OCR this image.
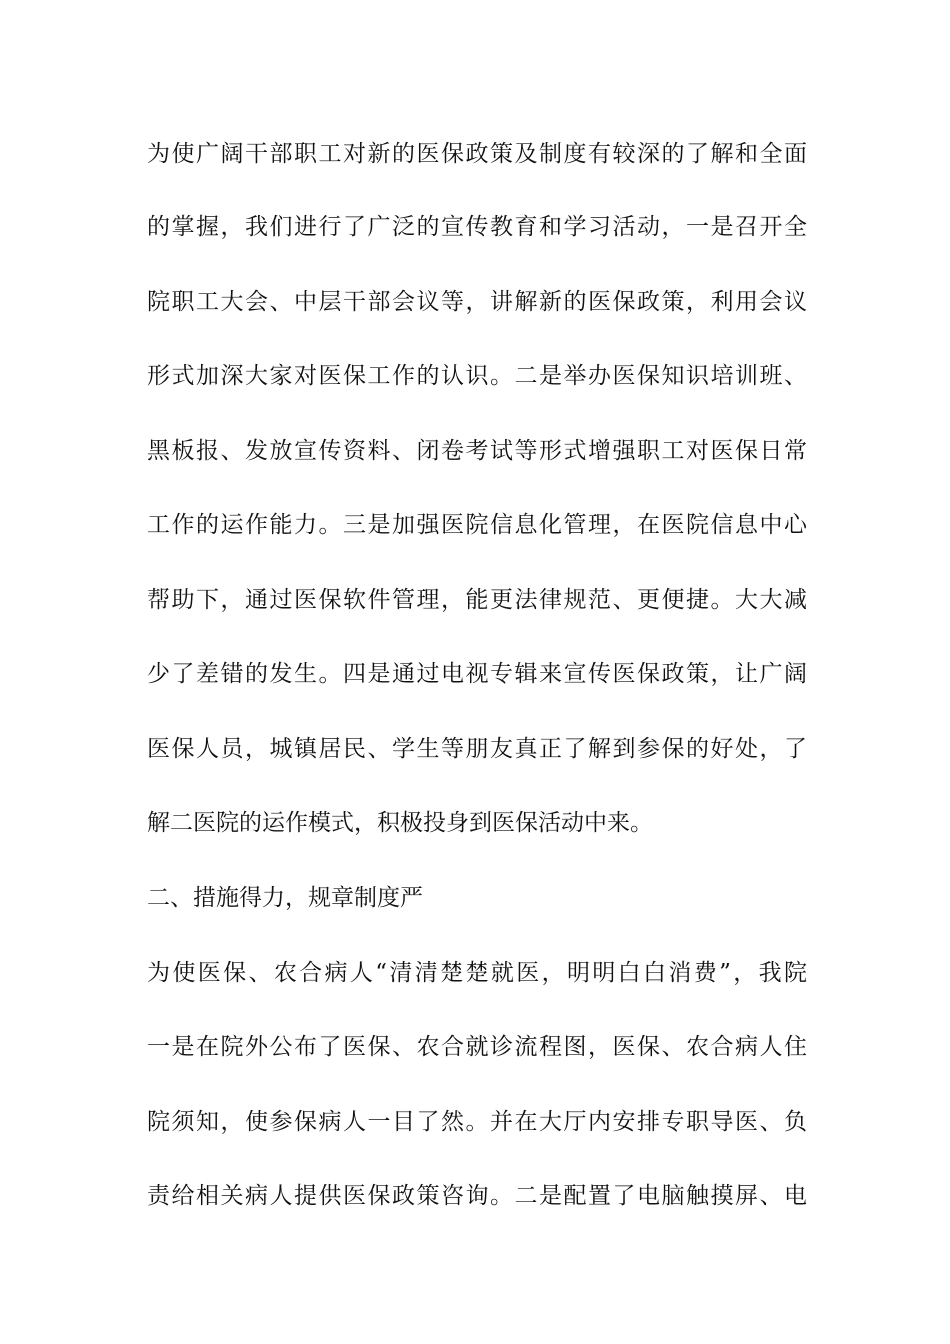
为使广阔干部职工对新的医保政策及制度有较深的了解和全面
的掌握，我们进行了广泛的宣传教育和学习活动，一是召开全
院职工大会、中层干部会议等，讲解新的医保政策，利用会议
形式加深大家对医保工作的认识。二是举办医保知识培训班、
黑板报、发放宣传资料、闭卷考试等形式增强职工对医保日常
工作的运作能力。三是加强医院信息化管理，在医院信息中心
帮助下，通过医保软件管理，能更法律规范、更便捷。大大减
少了差错的发生。四是通过电视专辑来宣传医保政策，让广阔
医保人员，城镇居民、学生等朋友真正了解到参保的好处，了
解二医院的运作模式，积极投身到医保活动中来。
二、措施得力，规章制度严
为使医保、农合病人“清清楚楚就医，明明白白消费”，我院
一是在院外公布了医保、农合就诊流程图，医保、农合病人住
院须知，使参保病人一目了然。并在大厅内安排专职导医、负
责给相关病人提供医保政策咨询。二是配置了电脑触摸屏、电
